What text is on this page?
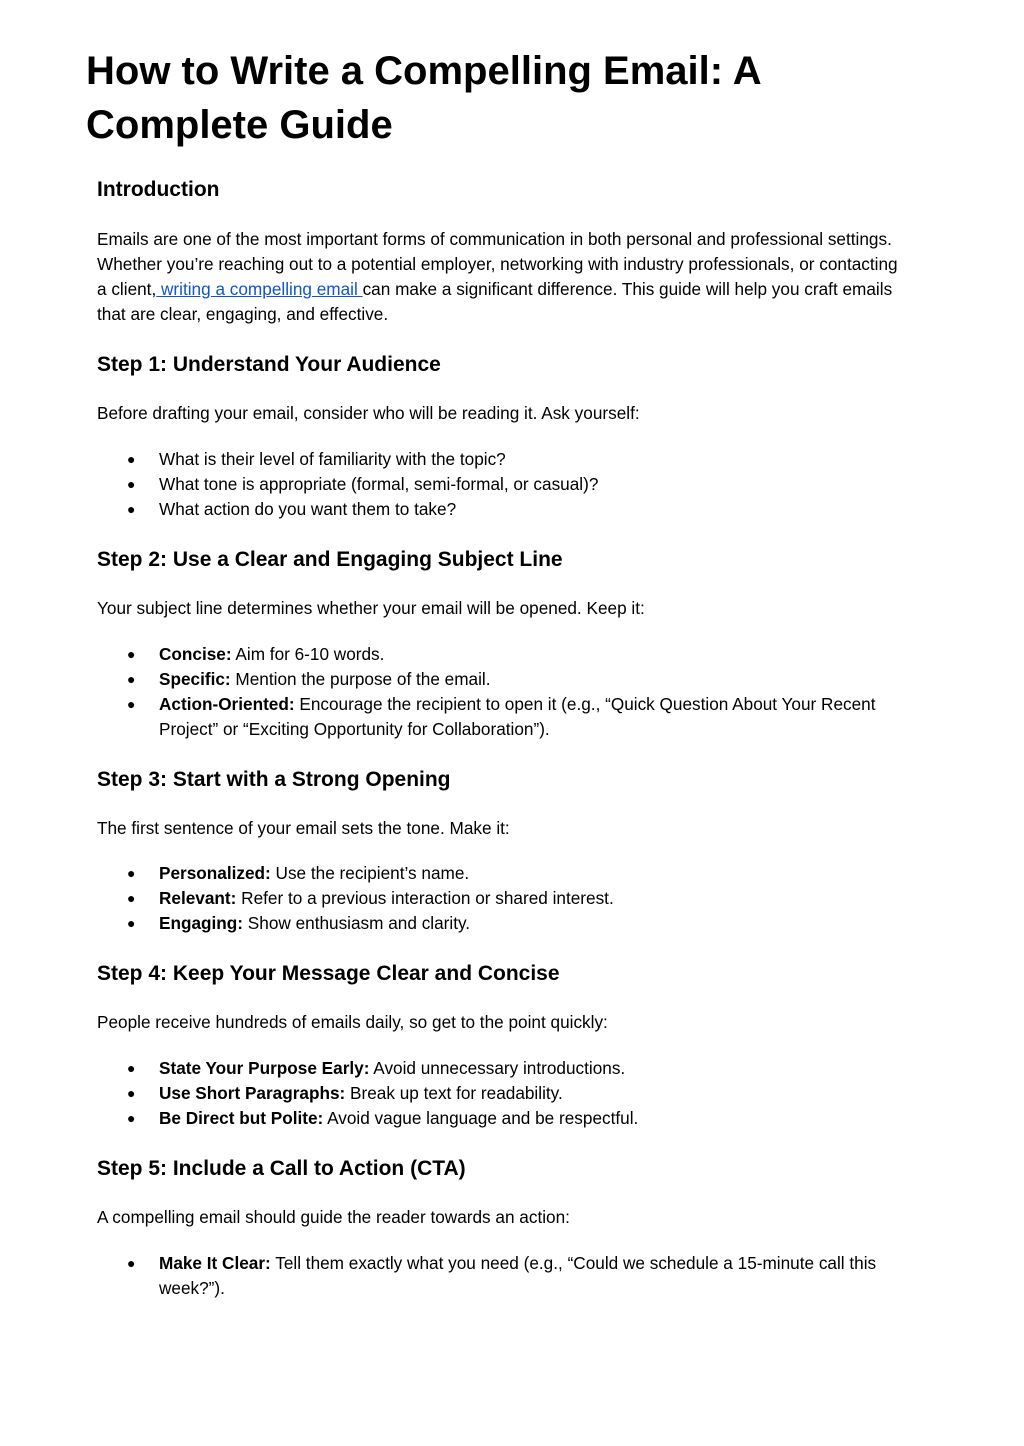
How to Write a Compelling Email: A Complete Guide
Introduction

Emails are one of the most important forms of communication in both personal and professional settings. Whether you’re reaching out to a potential employer, networking with industry professionals, or contacting a client, writing a compelling email can make a significant difference. This guide will help you craft emails that are clear, engaging, and effective.

Step 1: Understand Your Audience

Before drafting your email, consider who will be reading it. Ask yourself:

● What is their level of familiarity with the topic?
● What tone is appropriate (formal, semi-formal, or casual)?
● What action do you want them to take?
Step 2: Use a Clear and Engaging Subject Line

Your subject line determines whether your email will be opened. Keep it:

● Concise: Aim for 6-10 words.
● Specific: Mention the purpose of the email.
● Action-Oriented: Encourage the recipient to open it (e.g., “Quick Question About Your Recent Project” or “Exciting Opportunity for Collaboration”).
Step 3: Start with a Strong Opening

The first sentence of your email sets the tone. Make it:

● Personalized: Use the recipient’s name.
● Relevant: Refer to a previous interaction or shared interest.
● Engaging: Show enthusiasm and clarity.
Step 4: Keep Your Message Clear and Concise

People receive hundreds of emails daily, so get to the point quickly:

● State Your Purpose Early: Avoid unnecessary introductions.
● Use Short Paragraphs: Break up text for readability.
● Be Direct but Polite: Avoid vague language and be respectful.
Step 5: Include a Call to Action (CTA)

A compelling email should guide the reader towards an action:

● Make It Clear: Tell them exactly what you need (e.g., “Could we schedule a 15-minute call this week?”).
